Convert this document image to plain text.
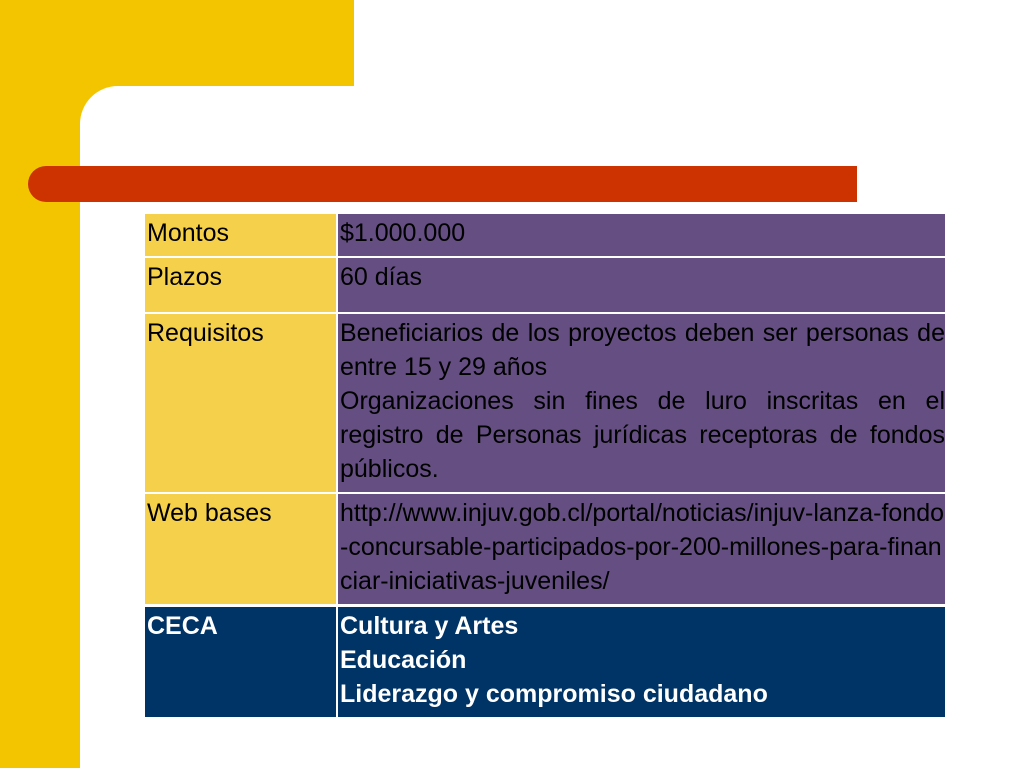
Montos	$1.000.000
Plazos	60 días
Requisitos	Beneficiarios de los proyectos deben ser personas de entre 15 y 29 años
Organizaciones sin fines de luro inscritas en el registro de Personas jurídicas receptoras de fondos públicos.

Web bases	http://www.injuv.gob.cl/portal/noticias/injuv-lanza-fondo-concursable-participados-por-200-millones-para-financiar-iniciativas-juveniles/
CECA	Cultura y Artes
Educación
Liderazgo y compromiso ciudadano
